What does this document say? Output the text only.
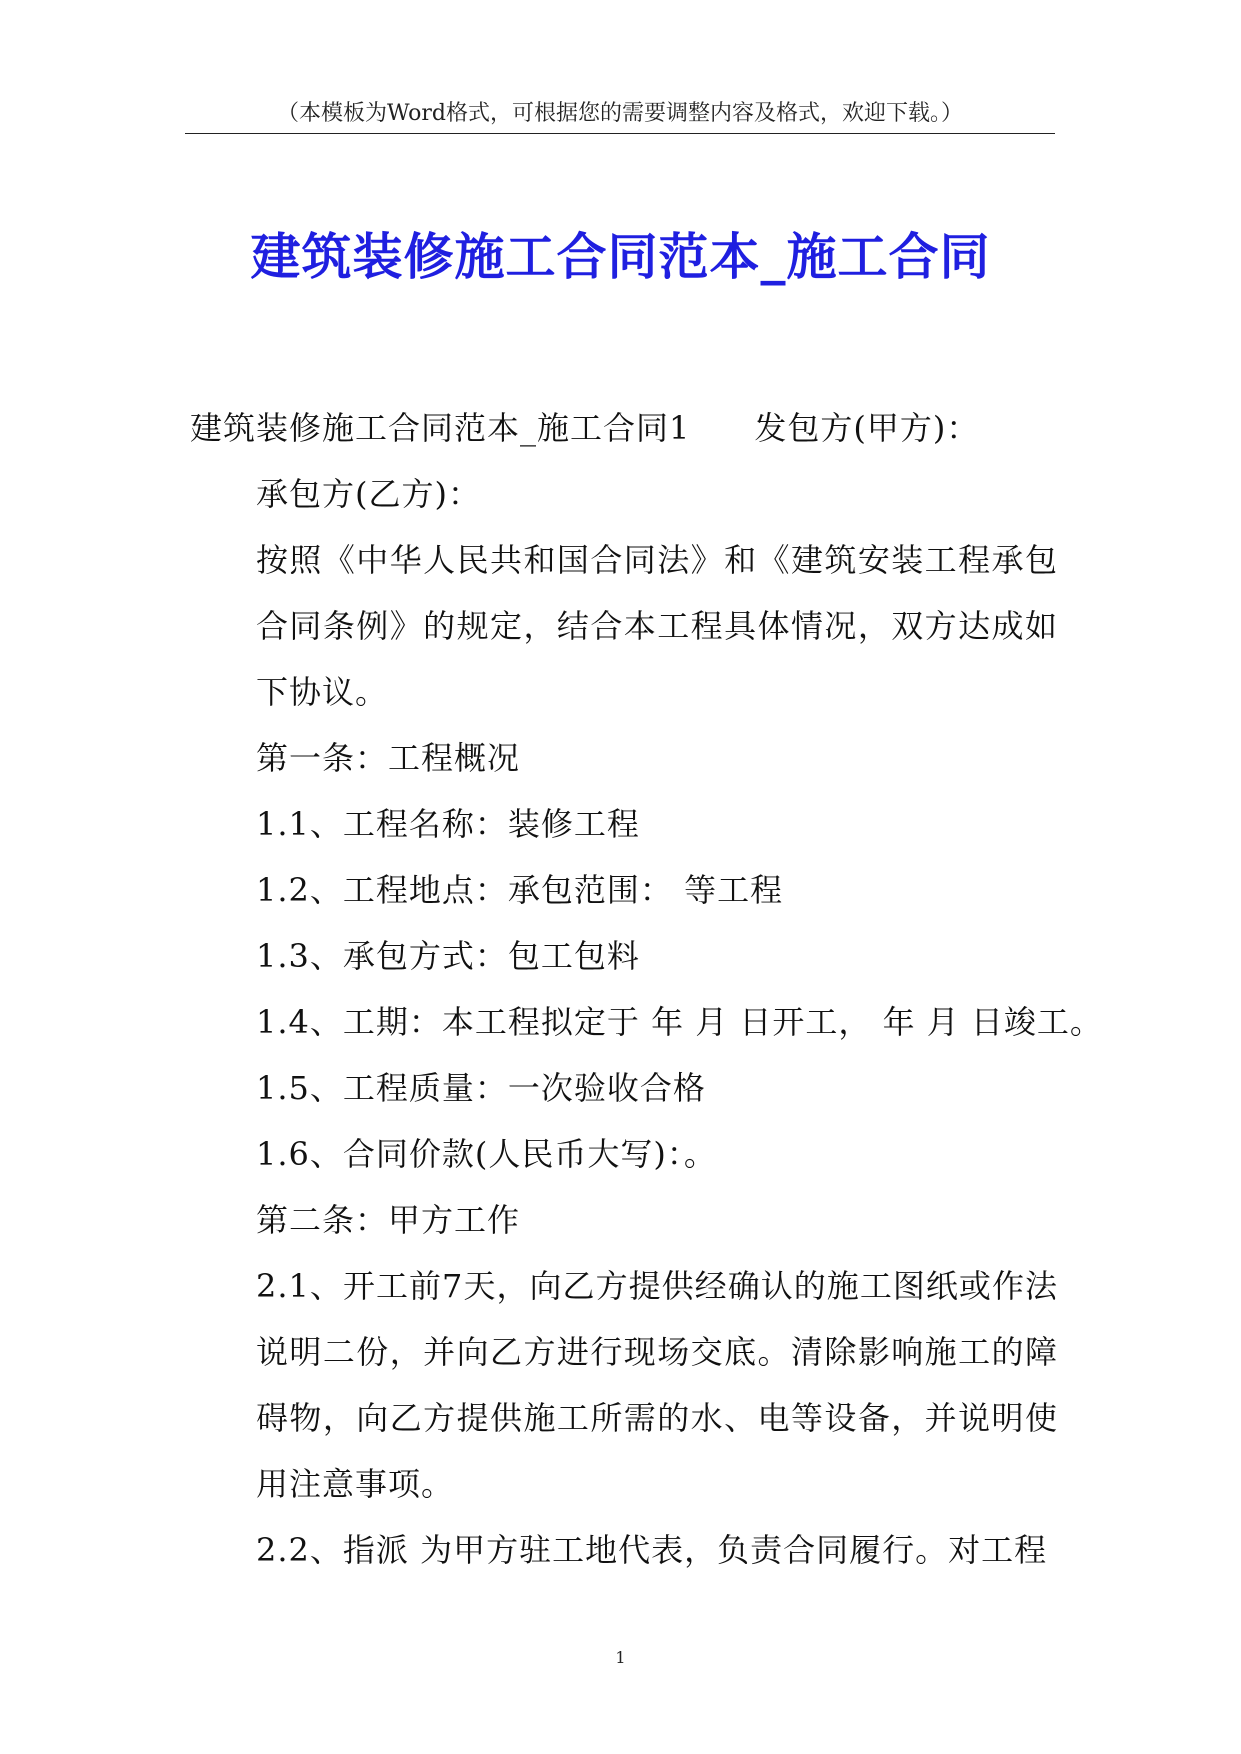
（本模板为Word格式，可根据您的需要调整内容及格式，欢迎下载。）
建筑装修施工合同范本_施工合同

建筑装修施工合同范本_施工合同1 发包方(甲方)：

承包方(乙方)：

按照《中华人民共和国合同法》和《建筑安装工程承包合同条例》的规定，结合本工程具体情况，双方达成如下协议。

第一条：工程概况

1.1、工程名称：装修工程

1.2、工程地点：承包范围： 等工程

1.3、承包方式：包工包料

1.4、工期：本工程拟定于 年 月 日开工， 年 月 日竣工。

1.5、工程质量：一次验收合格

1.6、合同价款(人民币大写)：。

第二条：甲方工作

2.1、开工前7天，向乙方提供经确认的施工图纸或作法说明二份，并向乙方进行现场交底。清除影响施工的障碍物，向乙方提供施工所需的水、电等设备，并说明使用注意事项。

2.2、指派 为甲方驻工地代表，负责合同履行。对工程

1
